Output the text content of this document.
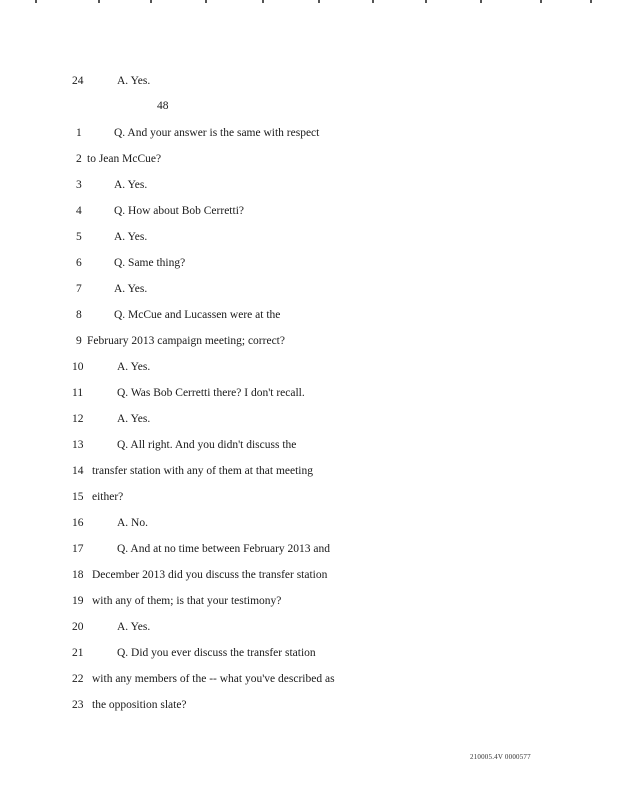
24	A. Yes.
48
1	Q. And your answer is the same with respect
2 to Jean McCue?
3	A. Yes.
4	Q. How about Bob Cerretti?
5	A. Yes.
6	Q. Same thing?
7	A. Yes.
8	Q. McCue and Lucassen were at the
9 February 2013 campaign meeting; correct?
10	A. Yes.
11	Q. Was Bob Cerretti there? I don't recall.
12	A. Yes.
13	Q. All right. And you didn't discuss the
14 transfer station with any of them at that meeting
15 either?
16	A. No.
17	Q. And at no time between February 2013 and
18 December 2013 did you discuss the transfer station
19 with any of them; is that your testimony?
20	A. Yes.
21	Q. Did you ever discuss the transfer station
22 with any members of the -- what you've described as
23 the opposition slate?
210005.4V 0000577
